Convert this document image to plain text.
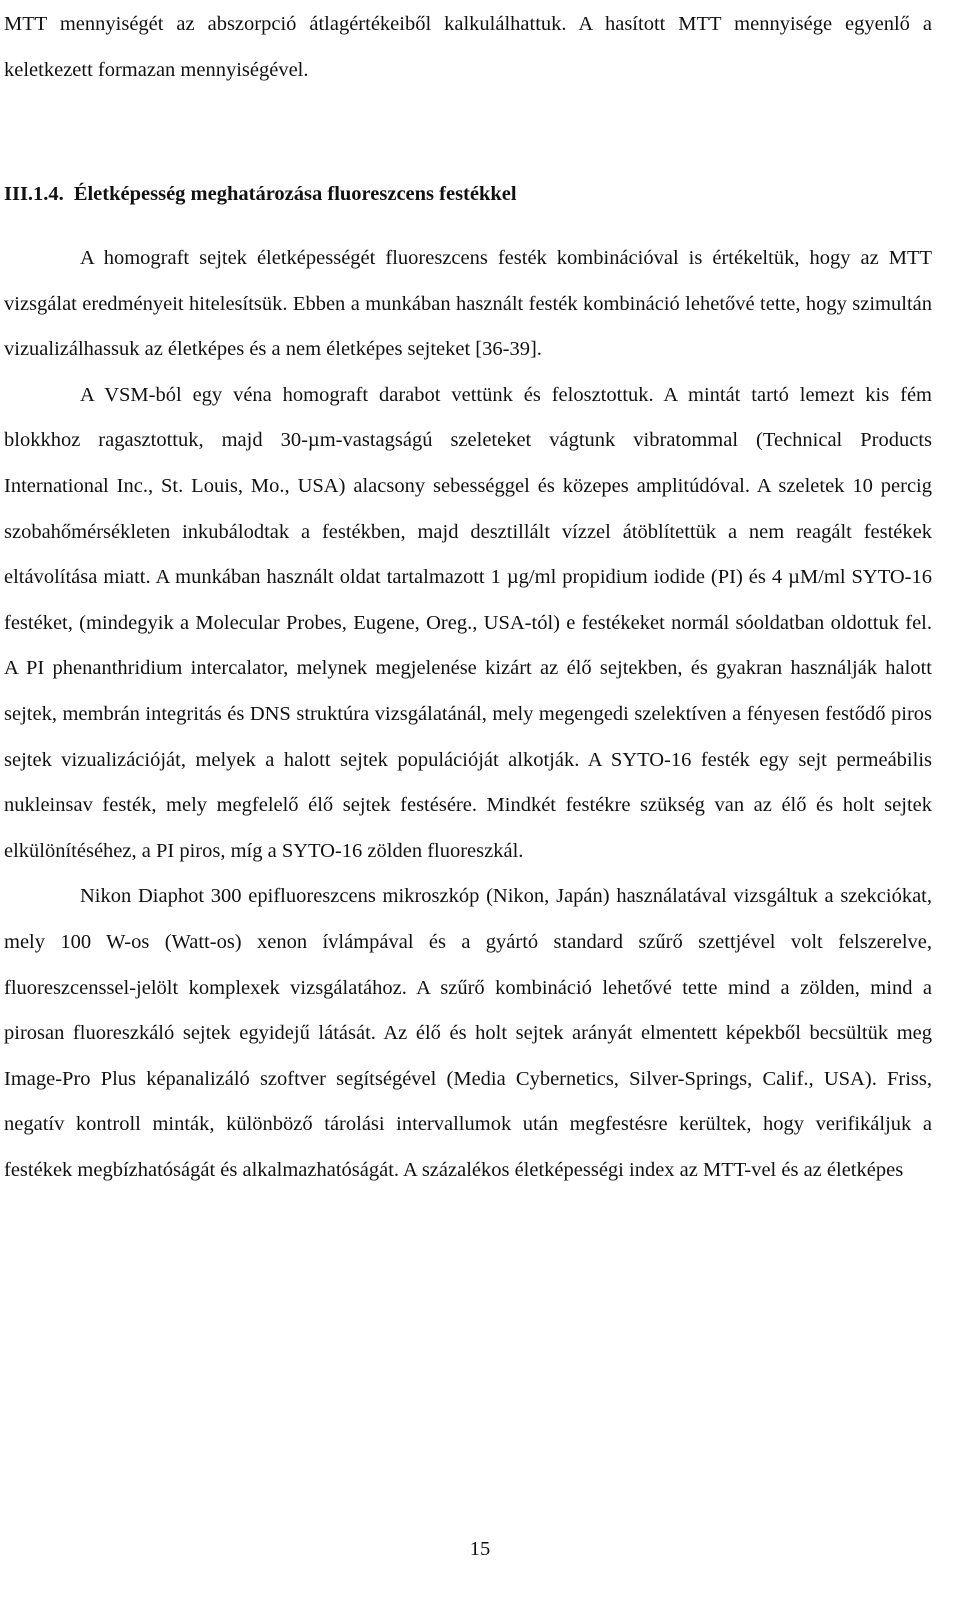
MTT mennyiségét az abszorpció átlagértékeiből kalkulálhattuk. A hasított MTT mennyisége egyenlő a keletkezett formazan mennyiségével.

III.1.4. Életképesség meghatározása fluoreszcens festékkel

A homograft sejtek életképességét fluoreszcens festék kombinációval is értékeltük, hogy az MTT vizsgálat eredményeit hitelesítsük. Ebben a munkában használt festék kombináció lehetővé tette, hogy szimultán vizualizálhassuk az életképes és a nem életképes sejteket [36-39].

A VSM-ból egy véna homograft darabot vettünk és felosztottuk. A mintát tartó lemezt kis fém blokkhoz ragasztottuk, majd 30-µm-vastagságú szeleteket vágtunk vibratommal (Technical Products International Inc., St. Louis, Mo., USA) alacsony sebességgel és közepes amplitúdóval. A szeletek 10 percig szobahőmérsékleten inkubálodtak a festékben, majd desztillált vízzel átöblítettük a nem reagált festékek eltávolítása miatt. A munkában használt oldat tartalmazott 1 µg/ml propidium iodide (PI) és 4 µM/ml SYTO-16 festéket, (mindegyik a Molecular Probes, Eugene, Oreg., USA-tól) e festékeket normál sóoldatban oldottuk fel. A PI phenanthridium intercalator, melynek megjelenése kizárt az élő sejtekben, és gyakran használják halott sejtek, membrán integritás és DNS struktúra vizsgálatánál, mely megengedi szelektíven a fényesen festődő piros sejtek vizualizációját, melyek a halott sejtek populációját alkotják. A SYTO-16 festék egy sejt permeábilis nukleinsav festék, mely megfelelő élő sejtek festésére. Mindkét festékre szükség van az élő és holt sejtek elkülönítéséhez, a PI piros, míg a SYTO-16 zölden fluoreszkál.

Nikon Diaphot 300 epifluoreszcens mikroszkóp (Nikon, Japán) használatával vizsgáltuk a szekciókat, mely 100 W-os (Watt-os) xenon ívlámpával és a gyártó standard szűrő szettjével volt felszerelve, fluoreszcenssel-jelölt komplexek vizsgálatához. A szűrő kombináció lehetővé tette mind a zölden, mind a pirosan fluoreszkáló sejtek egyidejű látását. Az élő és holt sejtek arányát elmentett képekből becsültük meg Image-Pro Plus képanalizáló szoftver segítségével (Media Cybernetics, Silver-Springs, Calif., USA). Friss, negatív kontroll minták, különböző tárolási intervallumok után megfestésre kerültek, hogy verifikáljuk a festékek megbízhatóságát és alkalmazhatóságát. A százalékos életképességi index az MTT-vel és az életképes

15
